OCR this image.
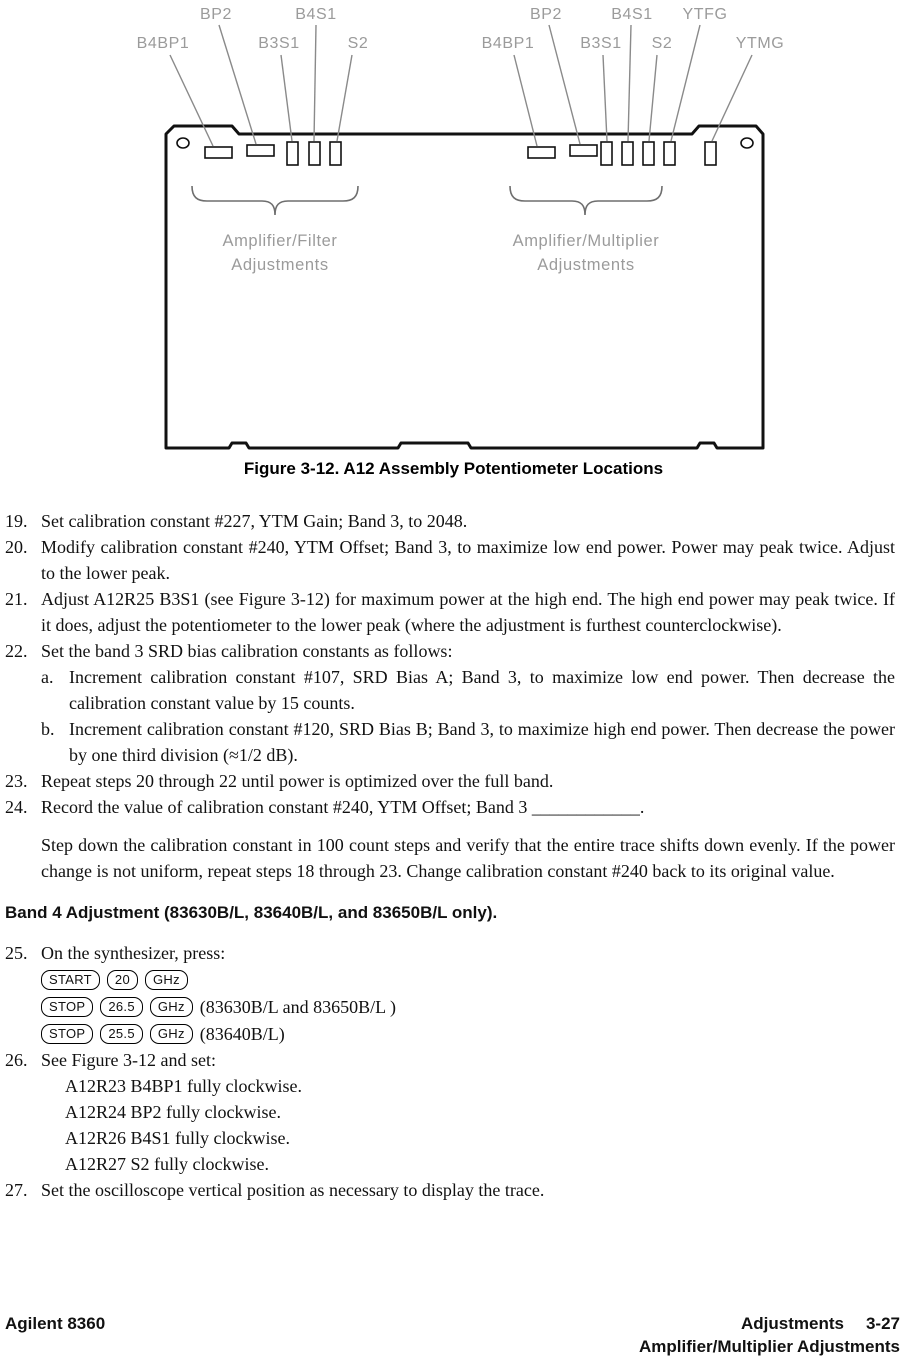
BP2	B4S1	BP2	B4S1 YTFG
B4BP1	B3S1	S2	B4BP1	B3S1 S2	YTMG
Amplifier/Filter
Adjustments
Amplifier/Multiplier
Adjustments
Figure 3-12. A12 Assembly Potentiometer Locations
19. Set calibration constant #227, YTM Gain; Band 3, to 2048.
20. Modify calibration constant #240, YTM Offset; Band 3, to maximize low end power. Power may peak twice. Adjust to the lower peak.
21. Adjust A12R25 B3S1 (see Figure 3-12) for maximum power at the high end. The high end power may peak twice. If it does, adjust the potentiometer to the lower peak (where the adjustment is furthest counterclockwise).
22. Set the band 3 SRD bias calibration constants as follows:
a. Increment calibration constant #107, SRD Bias A; Band 3, to maximize low end power. Then decrease the calibration constant value by 15 counts.
b. Increment calibration constant #120, SRD Bias B; Band 3, to maximize high end power. Then decrease the power by one third division (≈1/2 dB).
23. Repeat steps 20 through 22 until power is optimized over the full band.
24. Record the value of calibration constant #240, YTM Offset; Band 3 ____________.
Step down the calibration constant in 100 count steps and verify that the entire trace shifts down evenly. If the power change is not uniform, repeat steps 18 through 23. Change calibration constant #240 back to its original value.
Band 4 Adjustment (83630B/L, 83640B/L, and 83650B/L only).
25. On the synthesizer, press:
START	20	GHz
STOP	26.5	GHz (83630B/L and 83650B/L )
STOP	25.5	GHz (83640B/L)
26. See Figure 3-12 and set:
A12R23 B4BP1 fully clockwise.
A12R24 BP2 fully clockwise.
A12R26 B4S1 fully clockwise.
A12R27 S2 fully clockwise.
27. Set the oscilloscope vertical position as necessary to display the trace.
Agilent 8360	Adjustments 3-27
Amplifier/Multiplier Adjustments
